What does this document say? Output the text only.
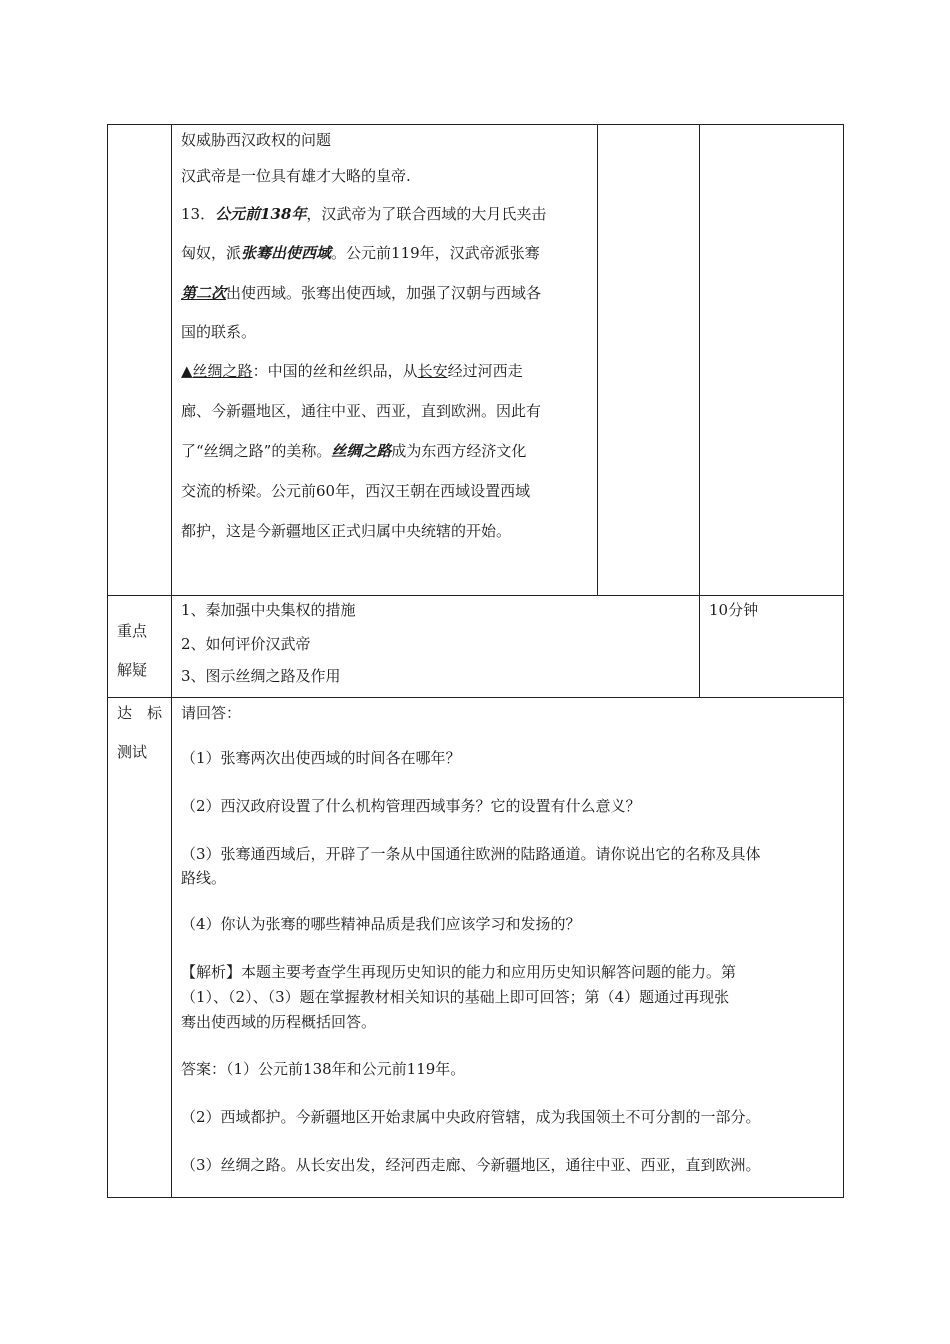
奴威胁西汉政权的问题
汉武帝是一位具有雄才大略的皇帝.
13．公元前138年，汉武帝为了联合西域的大月氏夹击
匈奴，派张骞出使西域。公元前119年，汉武帝派张骞
第二次出使西域。张骞出使西域，加强了汉朝与西域各
国的联系。
▲丝绸之路：中国的丝和丝织品，从长安经过河西走
廊、今新疆地区，通往中亚、西亚，直到欧洲。因此有
了“丝绸之路”的美称。丝绸之路成为东西方经济文化
交流的桥梁。公元前60年，西汉王朝在西域设置西域
都护，这是今新疆地区正式归属中央统辖的开始。
重点
解疑
1、秦加强中央集权的措施
2、如何评价汉武帝
3、图示丝绸之路及作用
10分钟
达　标
测试
请回答：
（1）张骞两次出使西域的时间各在哪年？
（2）西汉政府设置了什么机构管理西域事务？它的设置有什么意义？
（3）张骞通西域后，开辟了一条从中国通往欧洲的陆路通道。请你说出它的名称及具体
路线。
（4）你认为张骞的哪些精神品质是我们应该学习和发扬的？
【解析】本题主要考查学生再现历史知识的能力和应用历史知识解答问题的能力。第
（1）、（2）、（3）题在掌握教材相关知识的基础上即可回答；第（4）题通过再现张
骞出使西域的历程概括回答。
答案：（1）公元前138年和公元前119年。
（2）西域都护。今新疆地区开始隶属中央政府管辖，成为我国领土不可分割的一部分。
（3）丝绸之路。从长安出发，经河西走廊、今新疆地区，通往中亚、西亚，直到欧洲。
